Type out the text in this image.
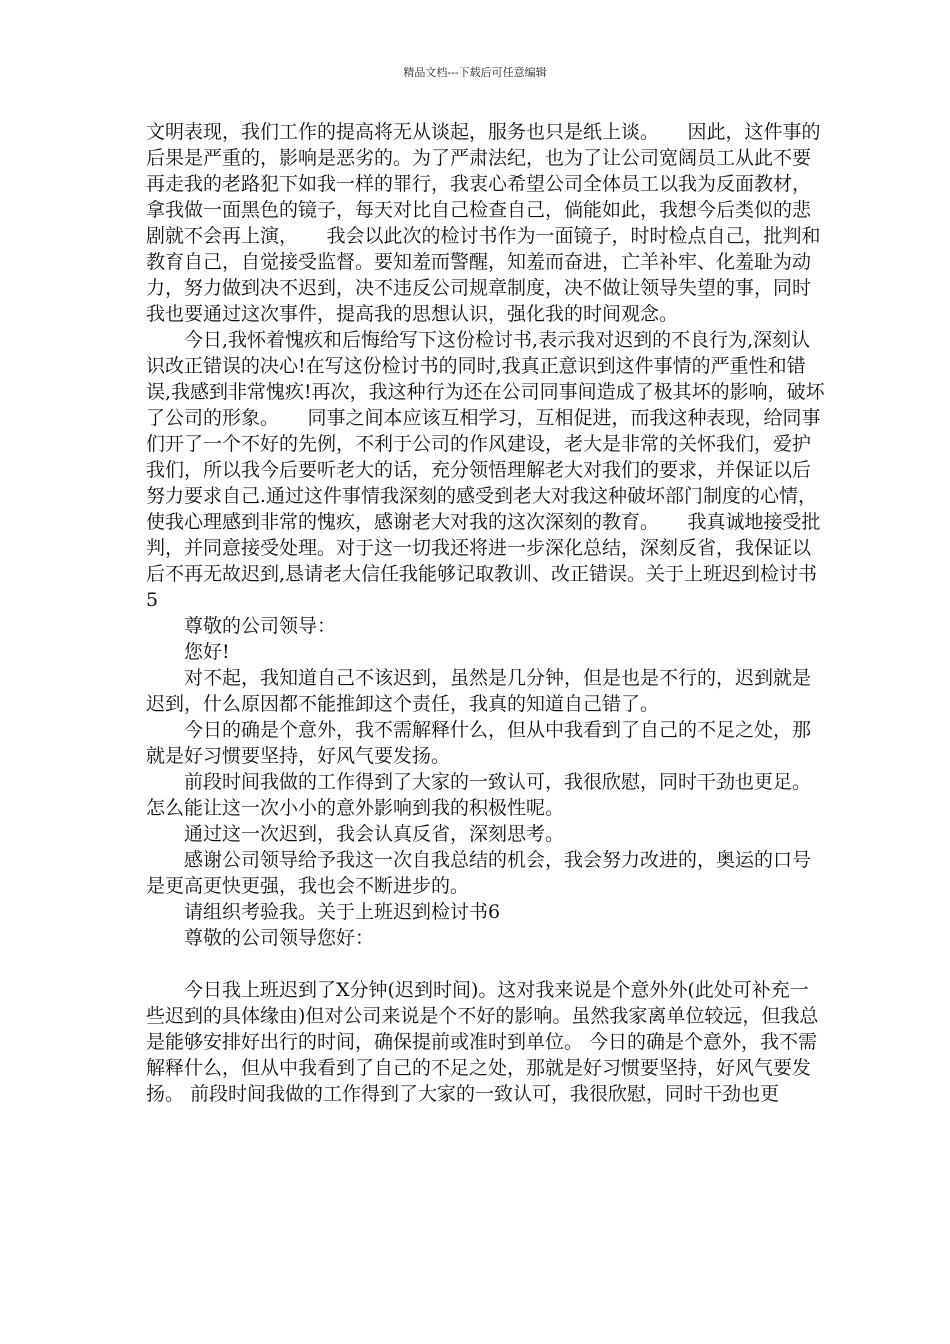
精品文档---下载后可任意编辑

文明表现，我们工作的提高将无从谈起，服务也只是纸上谈。　　因此，这件事的后果是严重的，影响是恶劣的。为了严肃法纪，也为了让公司宽阔员工从此不要再走我的老路犯下如我一样的罪行，我衷心希望公司全体员工以我为反面教材，拿我做一面黑色的镜子，每天对比自己检查自己，倘能如此，我想今后类似的悲剧就不会再上演，　　我会以此次的检讨书作为一面镜子，时时检点自己，批判和教育自己，自觉接受监督。要知羞而警醒，知羞而奋进，亡羊补牢、化羞耻为动力，努力做到决不迟到，决不违反公司规章制度，决不做让领导失望的事，同时我也要通过这次事件，提高我的思想认识，强化我的时间观念。

今日,我怀着愧疚和后悔给写下这份检讨书,表示我对迟到的不良行为,深刻认识改正错误的决心!在写这份检讨书的同时,我真正意识到这件事情的严重性和错误,我感到非常愧疚!再次，我这种行为还在公司同事间造成了极其坏的影响，破坏了公司的形象。　　同事之间本应该互相学习，互相促进，而我这种表现，给同事们开了一个不好的先例，不利于公司的作风建设，老大是非常的关怀我们，爱护我们，所以我今后要听老大的话，充分领悟理解老大对我们的要求，并保证以后努力要求自己.通过这件事情我深刻的感受到老大对我这种破坏部门制度的心情，使我心理感到非常的愧疚，感谢老大对我的这次深刻的教育。　　我真诚地接受批判，并同意接受处理。对于这一切我还将进一步深化总结，深刻反省，我保证以后不再无故迟到,恳请老大信任我能够记取教训、改正错误。关于上班迟到检讨书5

尊敬的公司领导：

您好!

对不起，我知道自己不该迟到，虽然是几分钟，但是也是不行的，迟到就是迟到，什么原因都不能推卸这个责任，我真的知道自己错了。

今日的确是个意外，我不需解释什么，但从中我看到了自己的不足之处，那就是好习惯要坚持，好风气要发扬。

前段时间我做的工作得到了大家的一致认可，我很欣慰，同时干劲也更足。怎么能让这一次小小的意外影响到我的积极性呢。

通过这一次迟到，我会认真反省，深刻思考。

感谢公司领导给予我这一次自我总结的机会，我会努力改进的，奥运的口号是更高更快更强，我也会不断进步的。

请组织考验我。关于上班迟到检讨书6

尊敬的公司领导您好：

今日我上班迟到了X分钟(迟到时间)。这对我来说是个意外外(此处可补充一些迟到的具体缘由)但对公司来说是个不好的影响。虽然我家离单位较远，但我总是能够安排好出行的时间，确保提前或准时到单位。 今日的确是个意外，我不需解释什么，但从中我看到了自己的不足之处，那就是好习惯要坚持，好风气要发扬。 前段时间我做的工作得到了大家的一致认可，我很欣慰，同时干劲也更
